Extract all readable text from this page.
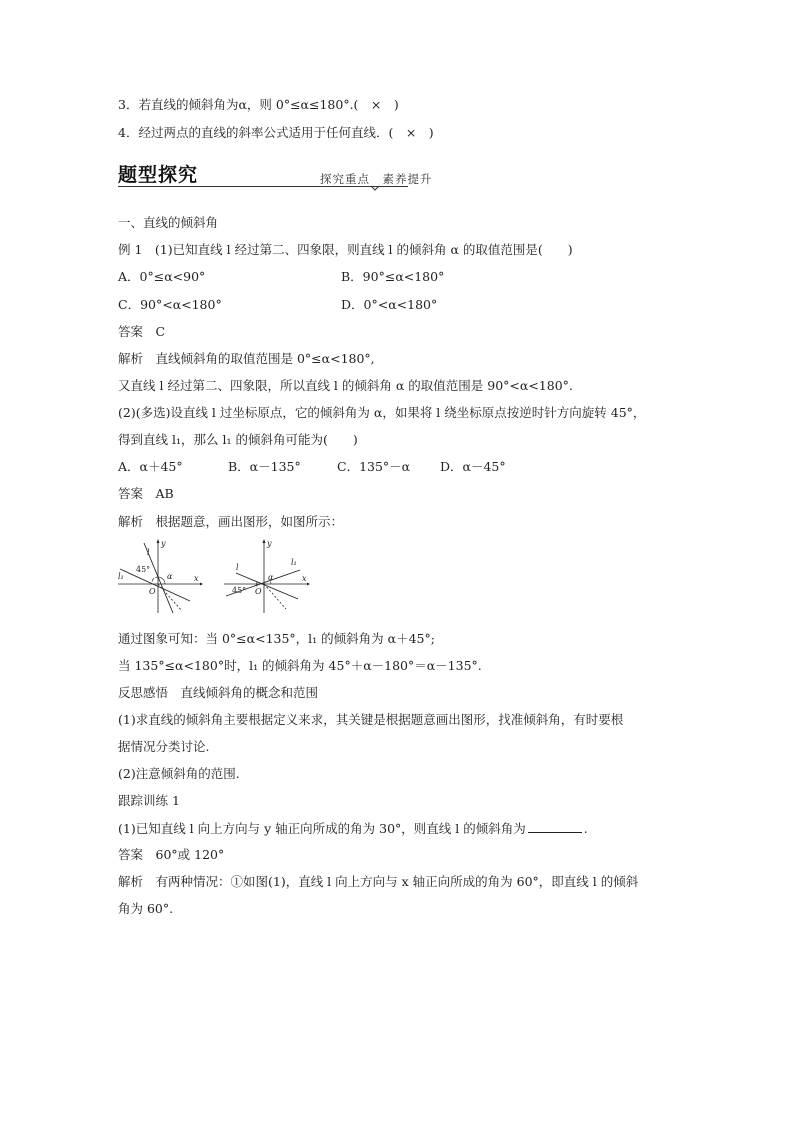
3．若直线的倾斜角为α，则 0°≤α≤180°.(　×　)
4．经过两点的直线的斜率公式适用于任何直线．(　×　)
题型探究	探究重点　素养提升
一、直线的倾斜角
例 1　(1)已知直线 l 经过第二、四象限，则直线 l 的倾斜角 α 的取值范围是(　　)
A．0°≤α<90°	B．90°≤α<180°
C．90°<α<180°	D．0°<α<180°
答案　C
解析　直线倾斜角的取值范围是 0°≤α<180°,
又直线 l 经过第二、四象限，所以直线 l 的倾斜角 α 的取值范围是 90°<α<180°.
(2)(多选)设直线 l 过坐标原点，它的倾斜角为 α，如果将 l 绕坐标原点按逆时针方向旋转 45°，
得到直线 l₁，那么 l₁ 的倾斜角可能为(　　)
A．α＋45°	B．α－135°	C．135°－α D．α－45°
答案　AB
解析　根据题意，画出图形，如图所示：
y
l
l₁
45°
α	x
O
y
l
l₁
α
45°
x
O
通过图象可知：当 0°≤α<135°，l₁ 的倾斜角为 α＋45°;
当 135°≤α<180°时，l₁ 的倾斜角为 45°＋α－180°＝α－135°.
反思感悟　直线倾斜角的概念和范围
(1)求直线的倾斜角主要根据定义来求，其关键是根据题意画出图形，找准倾斜角，有时要根
据情况分类讨论.
(2)注意倾斜角的范围.
跟踪训练 1
(1)已知直线 l 向上方向与 y 轴正向所成的角为 30°，则直线 l 的倾斜角为	.
答案　60°或 120°
解析　有两种情况：①如图(1)，直线 l 向上方向与 x 轴正向所成的角为 60°，即直线 l 的倾斜
角为 60°.
